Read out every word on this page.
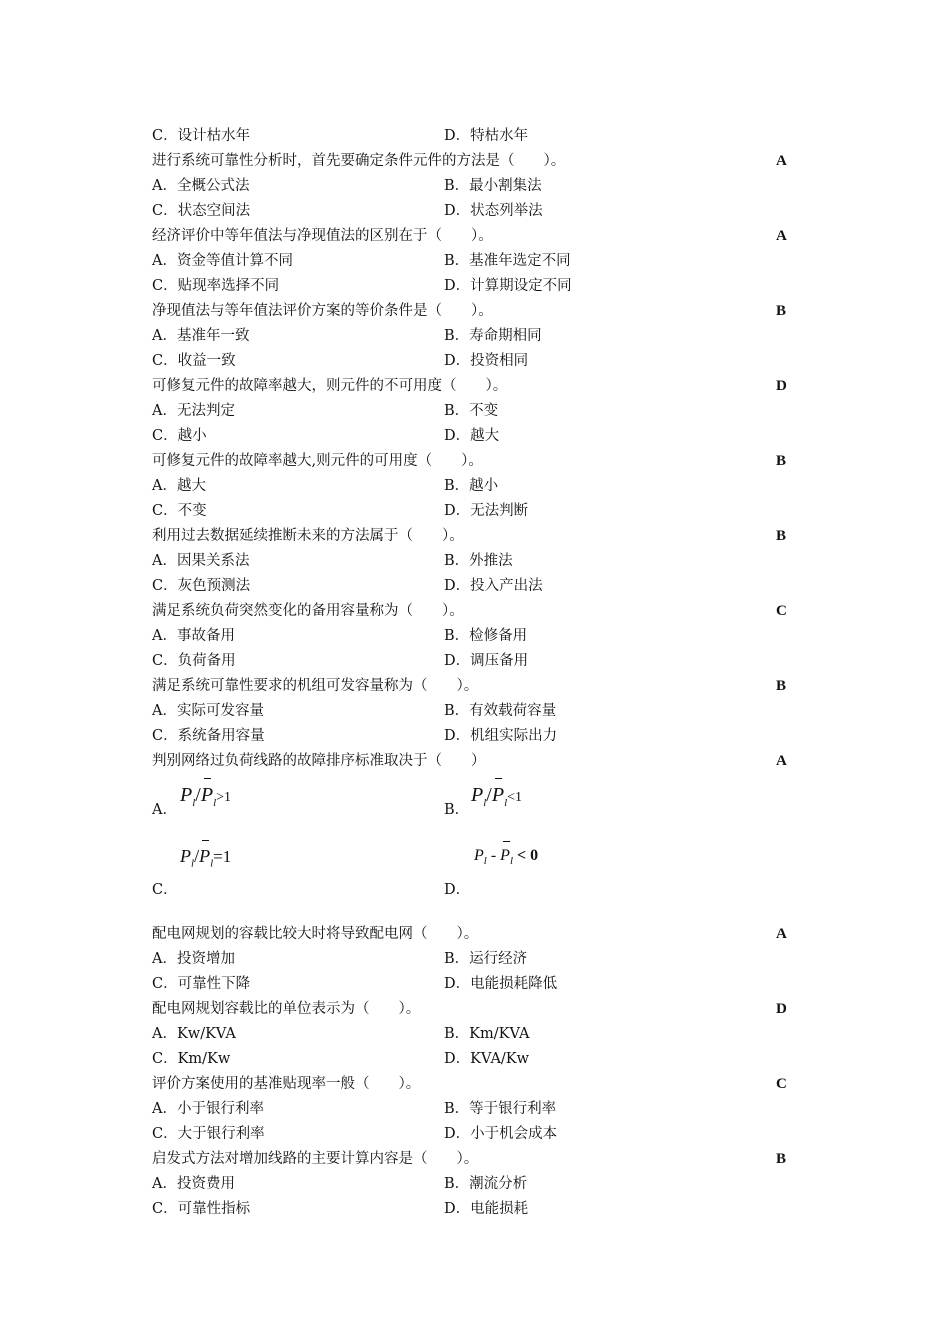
C．设计枯水年	D．特枯水年
进行系统可靠性分析时，首先要确定条件元件的方法是（　　）。	A
A．全概公式法	B．最小割集法
C．状态空间法	D．状态列举法
经济评价中等年值法与净现值法的区别在于（　　）。	A
A．资金等值计算不同	B．基准年选定不同
C．贴现率选择不同	D．计算期设定不同
净现值法与等年值法评价方案的等价条件是（　　）。	B
A．基准年一致	B．寿命期相同
C．收益一致	D．投资相同
可修复元件的故障率越大，则元件的不可用度（　　）。	D
A．无法判定	B．不变
C．越小	D．越大
可修复元件的故障率越大,则元件的可用度（　　）。	B
A．越大	B．越小
C．不变	D．无法判断
利用过去数据延续推断未来的方法属于（　　）。	B
A．因果关系法	B．外推法
C．灰色预测法	D．投入产出法
满足系统负荷突然变化的备用容量称为（　　）。	C
A．事故备用	B．检修备用
C．负荷备用	D．调压备用
满足系统可靠性要求的机组可发容量称为（　　）。	B
A．实际可发容量	B．有效载荷容量
C．系统备用容量	D．机组实际出力
判别网络过负荷线路的故障排序标准取决于（　　）	A
A．	B．
$P_l/P_l>1$	$P_l/P_l<1$
$P_l/P_l=1$	$P_l - P_l < 0$
C．	D．
配电网规划的容载比较大时将导致配电网（　　）。	A
A．投资增加	B．运行经济
C．可靠性下降	D．电能损耗降低
配电网规划容载比的单位表示为（　　）。	D
A．Kw/KVA	B．Km/KVA
C．Km/Kw	D．KVA/Kw
评价方案使用的基准贴现率一般（　　）。	C
A．小于银行利率	B．等于银行利率
C．大于银行利率	D．小于机会成本
启发式方法对增加线路的主要计算内容是（　　）。	B
A．投资费用	B．潮流分析
C．可靠性指标	D．电能损耗
